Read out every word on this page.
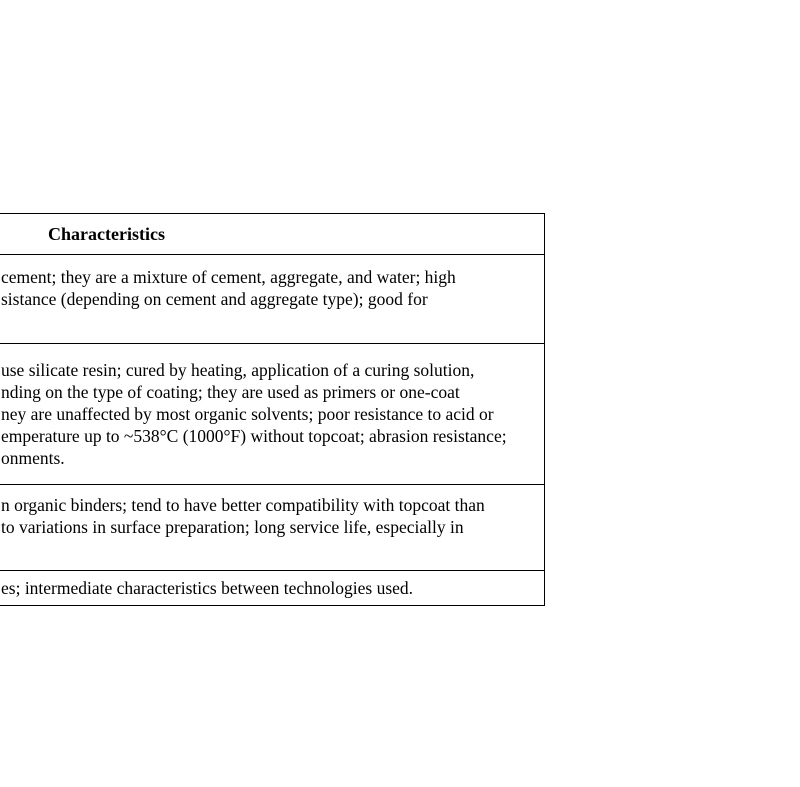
Characteristics
cement; they are a mixture of cement, aggregate, and water; high
sistance (depending on cement and aggregate type); good for
use silicate resin; cured by heating, application of a curing solution,
nding on the type of coating; they are used as primers or one-coat
ney are unaffected by most organic solvents; poor resistance to acid or
emperature up to ~538°C (1000°F) without topcoat; abrasion resistance;
onments.
n organic binders; tend to have better compatibility with topcoat than
to variations in surface preparation; long service life, especially in
es; intermediate characteristics between technologies used.
